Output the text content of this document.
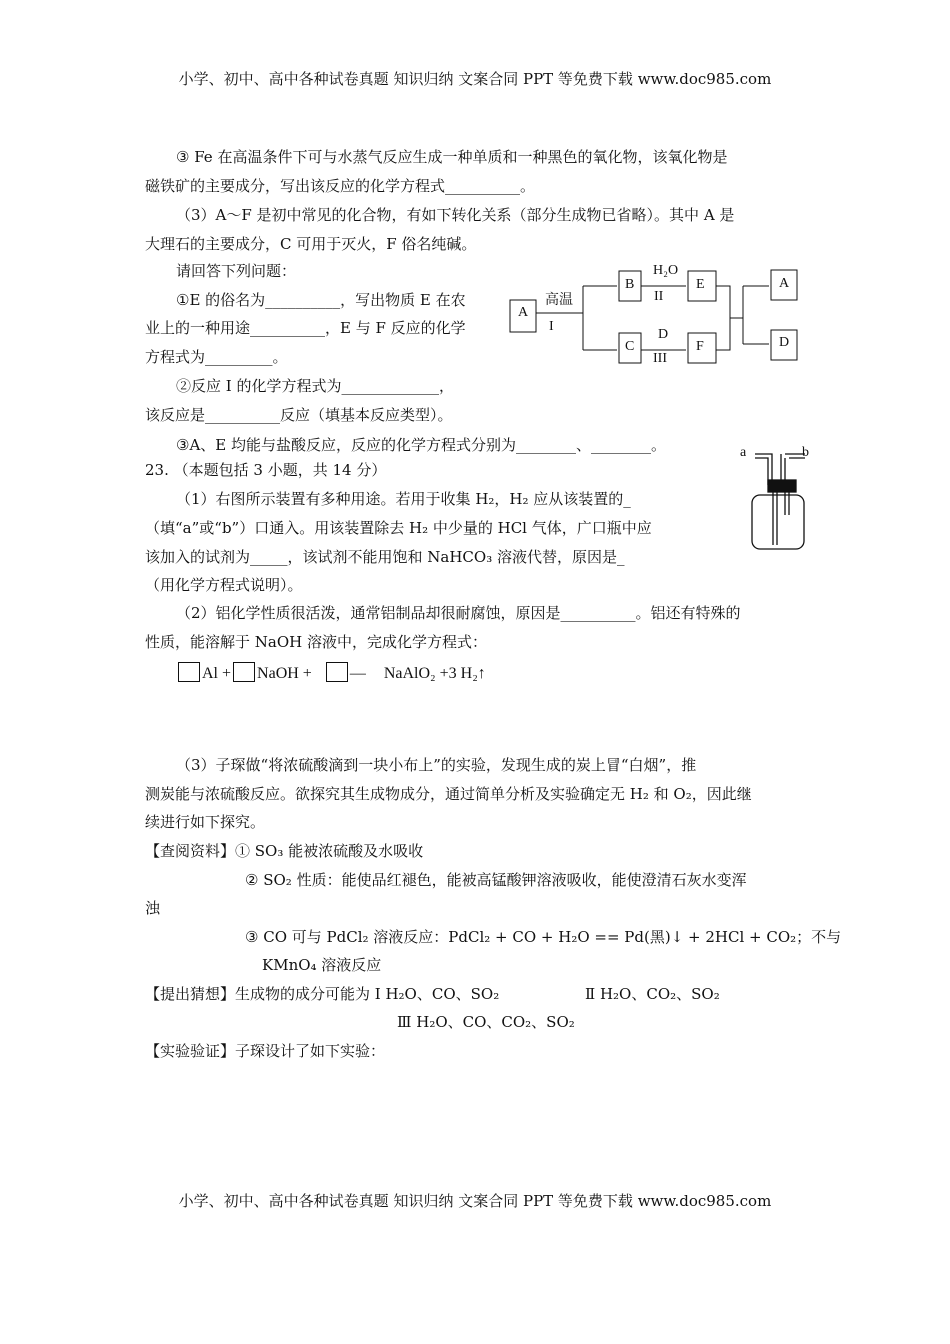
小学、初中、高中各种试卷真题 知识归纳 文案合同 PPT 等免费下载 www.doc985.com
③ Fe 在高温条件下可与水蒸气反应生成一种单质和一种黑色的氧化物，该氧化物是
磁铁矿的主要成分，写出该反应的化学方程式__________。
（3）A～F 是初中常见的化合物，有如下转化关系（部分生成物已省略）。其中 A 是
大理石的主要成分，C 可用于灭火，F 俗名纯碱。
请回答下列问题：
①E 的俗名为__________，写出物质 E 在农
业上的一种用途__________，E 与 F 反应的化学
方程式为_________。
②反应 I 的化学方程式为_____________，
该反应是__________反应（填基本反应类型）。
③A、E 均能与盐酸反应，反应的化学方程式分别为________、________。
23. （本题包括 3 小题，共 14 分）
（1）右图所示装置有多种用途。若用于收集 H₂，H₂ 应从该装置的_
（填“a”或“b”）口通入。用该装置除去 H₂ 中少量的 HCl 气体，广口瓶中应
该加入的试剂为_____，该试剂不能用饱和 NaHCO₃ 溶液代替，原因是_
（用化学方程式说明）。
（2）铝化学性质很活泼，通常铝制品却很耐腐蚀，原因是__________。铝还有特殊的
性质，能溶解于 NaOH 溶液中，完成化学方程式：
Al + NaOH + — NaAlO₂ +3 H₂↑
（3）子琛做“将浓硫酸滴到一块小布上”的实验，发现生成的炭上冒“白烟”，推
测炭能与浓硫酸反应。欲探究其生成物成分，通过简单分析及实验确定无 H₂ 和 O₂，因此继
续进行如下探究。
【查阅资料】① SO₃ 能被浓硫酸及水吸收
② SO₂ 性质：能使品红褪色，能被高锰酸钾溶液吸收，能使澄清石灰水变浑
浊
③ CO 可与 PdCl₂ 溶液反应：PdCl₂ + CO + H₂O == Pd(黑)↓ + 2HCl + CO₂；不与
KMnO₄ 溶液反应
【提出猜想】生成物的成分可能为 Ⅰ H₂O、CO、SO₂	Ⅱ H₂O、CO₂、SO₂
Ⅲ H₂O、CO、CO₂、SO₂
【实验验证】子琛设计了如下实验：
A
B
C
E
F
A
D
高温
I
H₂O
II
D
III
a	b
小学、初中、高中各种试卷真题 知识归纳 文案合同 PPT 等免费下载 www.doc985.com
